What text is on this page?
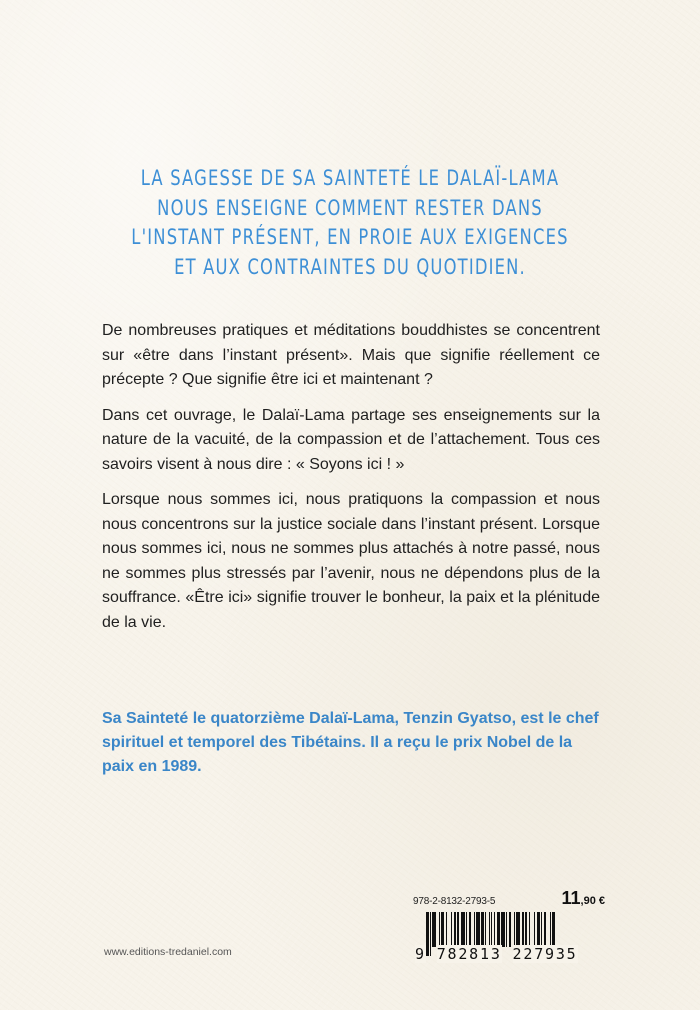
LA SAGESSE DE SA SAINTETÉ LE DALAÏ-LAMA
NOUS ENSEIGNE COMMENT RESTER DANS
L'INSTANT PRÉSENT, EN PROIE AUX EXIGENCES
ET AUX CONTRAINTES DU QUOTIDIEN.

De nombreuses pratiques et méditations bouddhistes se concentrent sur «être dans l’instant présent». Mais que signifie réellement ce précepte ? Que signifie être ici et maintenant ?

Dans cet ouvrage, le Dalaï-Lama partage ses enseignements sur la nature de la vacuité, de la compassion et de l’attachement. Tous ces savoirs visent à nous dire : « Soyons ici ! »

Lorsque nous sommes ici, nous pratiquons la compassion et nous nous concentrons sur la justice sociale dans l’instant présent. Lorsque nous sommes ici, nous ne sommes plus attachés à notre passé, nous ne sommes plus stressés par l’avenir, nous ne dépendons plus de la souffrance. «Être ici» signifie trouver le bonheur, la paix et la plénitude de la vie.

Sa Sainteté le quatorzième Dalaï-Lama, Tenzin Gyatso, est le chef spirituel et temporel des Tibétains. Il a reçu le prix Nobel de la paix en 1989.

www.editions-tredaniel.com
978-2-8132-2793-5	11,90 €
9 782813 227935
